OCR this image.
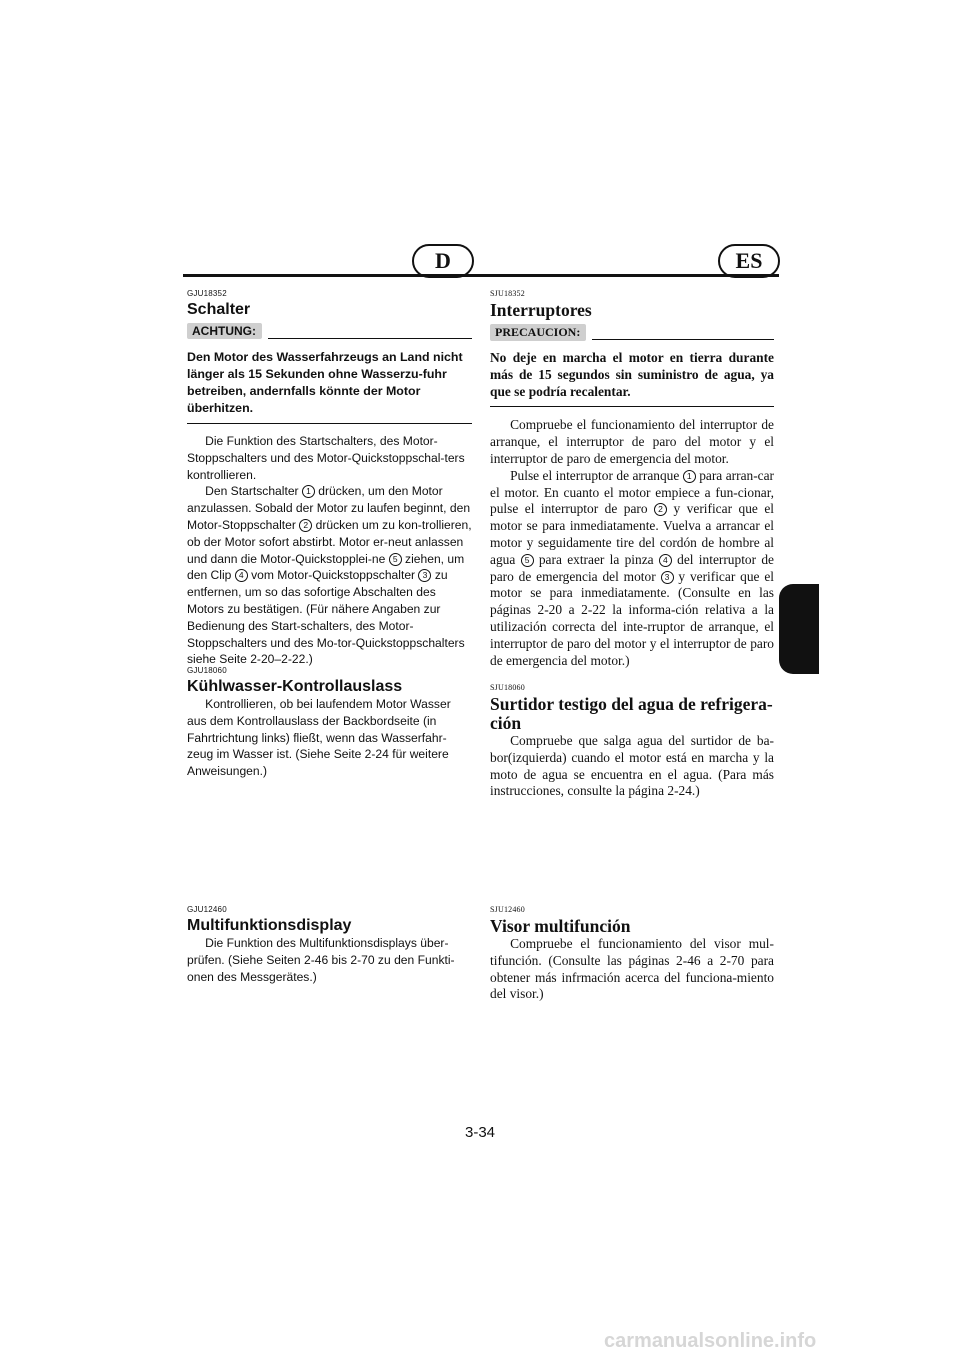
D	ES

GJU18352

Schalter
ACHTUNG:
Den Motor des Wasserfahrzeugs an Land nicht länger als 15 Sekunden ohne Wasserzu-fuhr betreiben, andernfalls könnte der Motor überhitzen.

Die Funktion des Startschalters, des Motor-Stoppschalters und des Motor-Quickstoppschal-ters kontrollieren.

Den Startschalter 1 drücken, um den Motor anzulassen. Sobald der Motor zu laufen beginnt, den Motor-Stoppschalter 2 drücken um zu kon-trollieren, ob der Motor sofort abstirbt. Motor er-neut anlassen und dann die Motor-Quickstopplei-ne 5 ziehen, um den Clip 4 vom Motor-Quickstoppschalter 3 zu entfernen, um so das sofortige Abschalten des Motors zu bestätigen. (Für nähere Angaben zur Bedienung des Start-schalters, des Motor-Stoppschalters und des Mo-tor-Quickstoppschalters siehe Seite 2-20–2-22.)

GJU18060

Kühlwasser-Kontrollauslass

Kontrollieren, ob bei laufendem Motor Wasser aus dem Kontrollauslass der Backbordseite (in Fahrtrichtung links) fließt, wenn das Wasserfahr-zeug im Wasser ist. (Siehe Seite 2-24 für weitere Anweisungen.)

GJU12460

Multifunktionsdisplay

Die Funktion des Multifunktionsdisplays über-prüfen. (Siehe Seiten 2-46 bis 2-70 zu den Funkti-onen des Messgerätes.)

SJU18352

Interruptores
PRECAUCION:
No deje en marcha el motor en tierra durante más de 15 segundos sin suministro de agua, ya que se podría recalentar.

Compruebe el funcionamiento del interruptor de arranque, el interruptor de paro del motor y el interruptor de paro de emergencia del motor.

Pulse el interruptor de arranque 1 para arran-car el motor. En cuanto el motor empiece a fun-cionar, pulse el interruptor de paro 2 y verificar que el motor se para inmediatamente. Vuelva a arrancar el motor y seguidamente tire del cordón de hombre al agua 5 para extraer la pinza 4 del interruptor de paro de emergencia del motor 3 y verificar que el motor se para inmediatamente. (Consulte en las páginas 2-20 a 2-22 la informa-ción relativa a la utilización correcta del inte-rruptor de arranque, el interruptor de paro del motor y el interruptor de paro de emergencia del motor.)

SJU18060

Surtidor testigo del agua de refrigera-ción

Compruebe que salga agua del surtidor de ba-bor(izquierda) cuando el motor está en marcha y la moto de agua se encuentra en el agua. (Para más instrucciones, consulte la página 2-24.)

SJU12460

Visor multifunción

Compruebe el funcionamiento del visor mul-tifunción. (Consulte las páginas 2-46 a 2-70 para obtener más infrmación acerca del funciona-miento del visor.)

3-34
carmanualsonline.info
